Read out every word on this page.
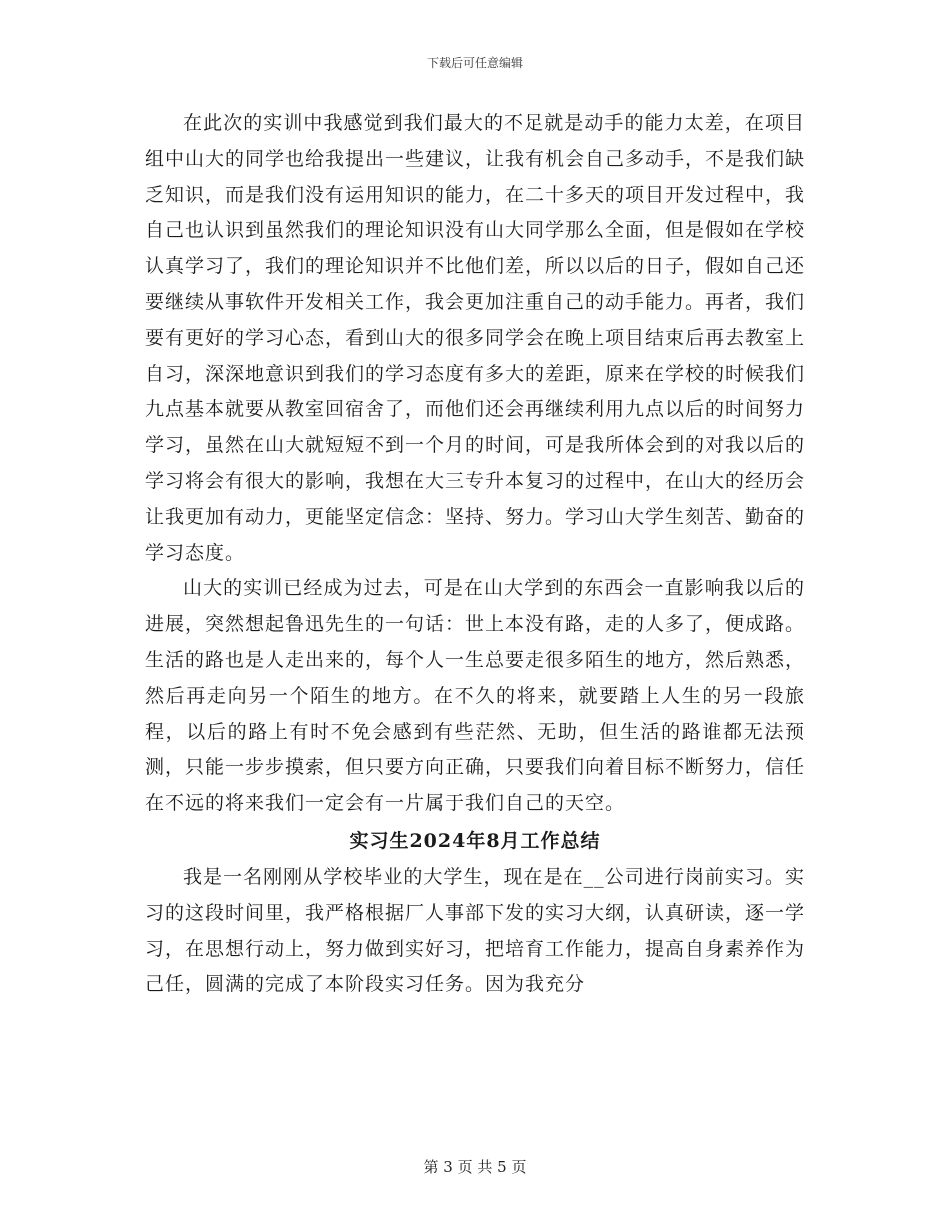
下载后可任意编辑

在此次的实训中我感觉到我们最大的不足就是动手的能力太差，在项目组中山大的同学也给我提出一些建议，让我有机会自己多动手，不是我们缺乏知识，而是我们没有运用知识的能力，在二十多天的项目开发过程中，我自己也认识到虽然我们的理论知识没有山大同学那么全面，但是假如在学校认真学习了，我们的理论知识并不比他们差，所以以后的日子，假如自己还要继续从事软件开发相关工作，我会更加注重自己的动手能力。再者，我们要有更好的学习心态，看到山大的很多同学会在晚上项目结束后再去教室上自习，深深地意识到我们的学习态度有多大的差距，原来在学校的时候我们九点基本就要从教室回宿舍了，而他们还会再继续利用九点以后的时间努力学习，虽然在山大就短短不到一个月的时间，可是我所体会到的对我以后的学习将会有很大的影响，我想在大三专升本复习的过程中，在山大的经历会让我更加有动力，更能坚定信念：坚持、努力。学习山大学生刻苦、勤奋的学习态度。

山大的实训已经成为过去，可是在山大学到的东西会一直影响我以后的进展，突然想起鲁迅先生的一句话：世上本没有路，走的人多了，便成路。生活的路也是人走出来的，每个人一生总要走很多陌生的地方，然后熟悉，然后再走向另一个陌生的地方。在不久的将来，就要踏上人生的另一段旅程，以后的路上有时不免会感到有些茫然、无助，但生活的路谁都无法预测，只能一步步摸索，但只要方向正确，只要我们向着目标不断努力，信任在不远的将来我们一定会有一片属于我们自己的天空。

实习生2024年8月工作总结

我是一名刚刚从学校毕业的大学生，现在是在__公司进行岗前实习。实习的这段时间里，我严格根据厂人事部下发的实习大纲，认真研读，逐一学习，在思想行动上，努力做到实好习，把培育工作能力，提高自身素养作为己任，圆满的完成了本阶段实习任务。因为我充分

第 3 页 共 5 页
